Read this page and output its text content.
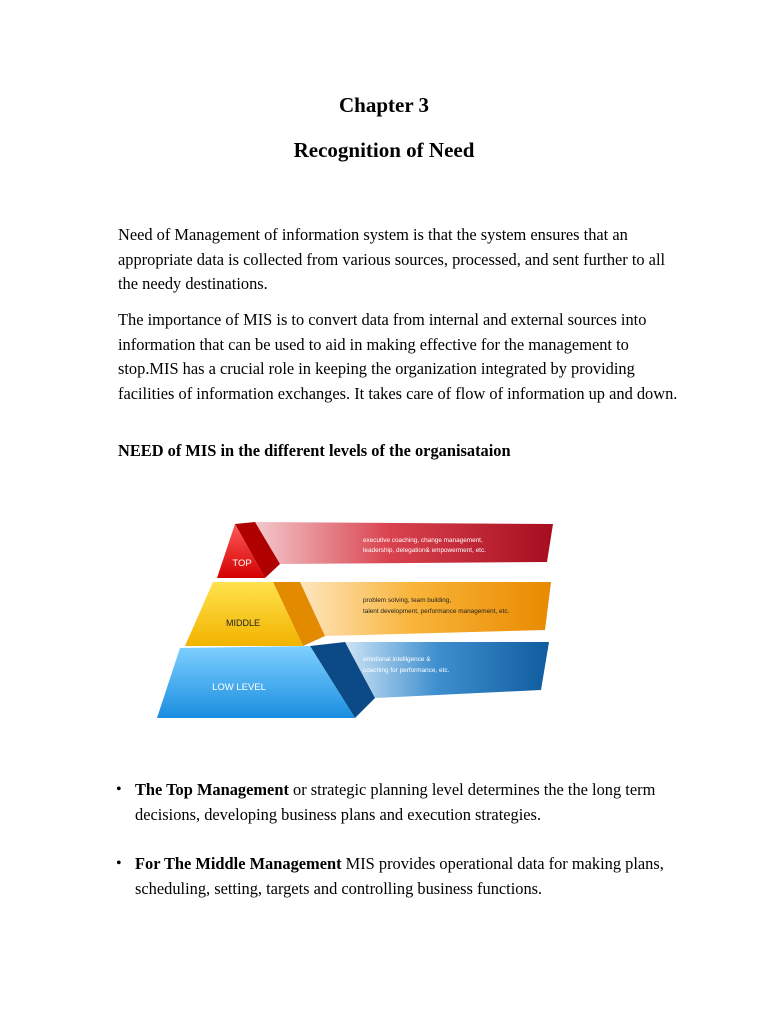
Chapter 3
Recognition of Need

Need of Management of information system is that the system ensures that an appropriate data is collected from various sources, processed, and sent further to all the needy destinations.

The importance of MIS is to convert data from internal and external sources into information that can be used to aid in making effective for the management to stop.MIS has a crucial role in keeping the organization integrated by providing facilities of information exchanges. It takes care of flow of information up and down.

NEED of MIS in the different levels of the organisataion

TOP
executive coaching, change management,
leadership, delegation& empowerment, etc.
MIDDLE
problem solving, team building,
talent development, performance management, etc.
LOW LEVEL
emotional intelligence &
coaching for performance, etc.
• The Top Management or strategic planning level determines the the long term decisions, developing business plans and execution strategies.
• For The Middle Management MIS provides operational data for making plans, scheduling, setting, targets and controlling business functions.
